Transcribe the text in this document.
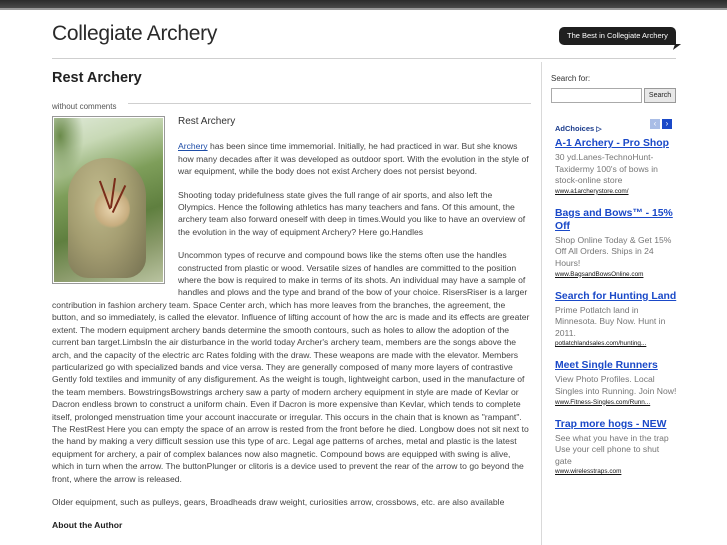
Collegiate Archery	The Best in Collegiate Archery
Rest Archery
without comments
Rest Archery

Archery has been since time immemorial. Initially, he had practiced in war. But she knows how many decades after it was developed as outdoor sport. With the evolution in the style of war equipment, while the body does not exist Archery does not persist beyond.

Shooting today pridefulness state gives the full range of air sports, and also left the Olympics. Hence the following athletics has many teachers and fans. Of this amount, the archery team also forward oneself with deep in times.Would you like to have an overview of the evolution in the way of equipment Archery? Here go.Handles

Uncommon types of recurve and compound bows like the stems often use the handles constructed from plastic or wood. Versatile sizes of handles are committed to the position where the bow is required to make in terms of its shots. An individual may have a sample of handles and plows and the type and brand of the bow of your choice. RisersRiser is a larger contribution in fashion archery team. Space Center arch, which has more leaves from the branches, the agreement, the button, and so immediately, is called the elevator. Influence of lifting account of how the arc is made and its effects are greater extent. The modern equipment archery bands determine the smooth contours, such as holes to allow the adoption of the current ban target.LimbsIn the air disturbance in the world today Archer's archery team, members are the songs above the arch, and the capacity of the electric arc Rates folding with the draw. These weapons are made with the elevator. Members particularized go with specialized bands and vice versa. They are generally composed of many more layers of contrastive Gently fold textiles and immunity of any disfigurement. As the weight is tough, lightweight carbon, used in the manufacture of the team members. BowstringsBowstrings archery saw a party of modern archery equipment in style are made of Kevlar or Dacron endless brown to construct a uniform chain. Even if Dacron is more expensive than Kevlar, which tends to complete itself, prolonged menstruation time your account inaccurate or irregular. This occurs in the chain that is known as "rampant". The RestRest Here you can empty the space of an arrow is rested from the front before he died. Longbow does not sit next to the hand by making a very difficult session use this type of arc. Legal age patterns of arches, metal and plastic is the latest equipment for archery, a pair of complex balances now also magnetic. Compound bows are equipped with swing is alive, which in turn when the arrow. The buttonPlunger or clitoris is a device used to prevent the rear of the arrow to go beyond the front, where the arrow is released.

Older equipment, such as pulleys, gears, Broadheads draw weight, curiosities arrow, crossbows, etc. are also available

About the Author
Search for:
Search
AdChoices ▷
‹	›
A-1 Archery - Pro Shop
30 yd.Lanes-TechnoHunt-Taxidermy 100's of bows in stock-online store
www.a1archerystore.com/
Bags and Bows™ - 15% Off
Shop Online Today & Get 15% Off All Orders. Ships in 24 Hours!
www.BagsandBowsOnline.com
Search for Hunting Land
Prime Potlatch land in Minnesota. Buy Now. Hunt in 2011.
potlatchlandsales.com/hunting...
Meet Single Runners
View Photo Profiles. Local Singles into Running. Join Now!
www.Fitness-Singles.com/Runn...
Trap more hogs - NEW
See what you have in the trap Use your cell phone to shut gate
www.wirelesstraps.com
